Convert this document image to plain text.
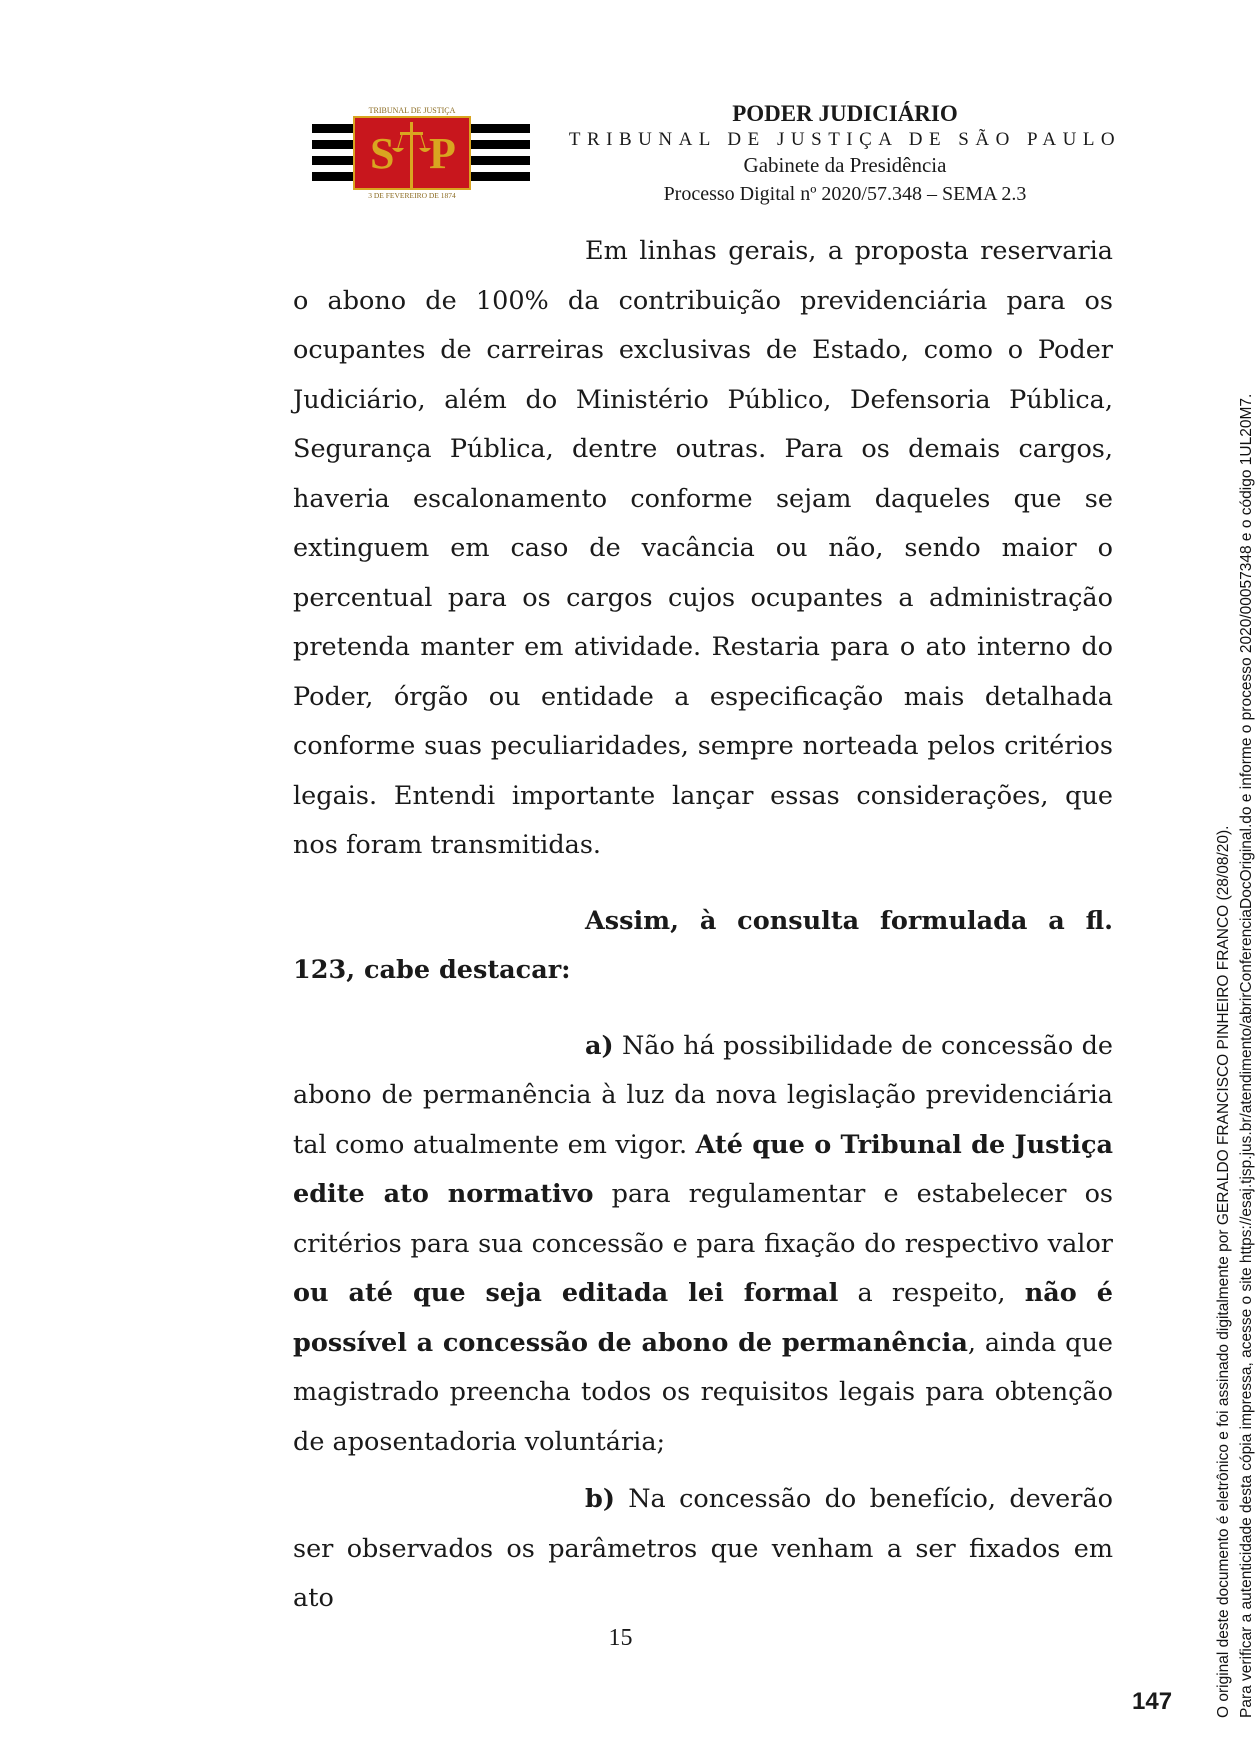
S P
TRIBUNAL DE JUSTIÇA
3 DE FEVEREIRO DE 1874
PODER JUDICIÁRIO
TRIBUNAL DE JUSTIÇA DE SÃO PAULO
Gabinete da Presidência
Processo Digital nº 2020/57.348 – SEMA 2.3

Em linhas gerais, a proposta reservaria o abono de 100% da contribuição previdenciária para os ocupantes de carreiras exclusivas de Estado, como o Poder Judiciário, além do Ministério Público, Defensoria Pública, Segurança Pública, dentre outras. Para os demais cargos, haveria escalonamento conforme sejam daqueles que se extinguem em caso de vacância ou não, sendo maior o percentual para os cargos cujos ocupantes a administração pretenda manter em atividade. Restaria para o ato interno do Poder, órgão ou entidade a especificação mais detalhada conforme suas peculiaridades, sempre norteada pelos critérios legais. Entendi importante lançar essas considerações, que nos foram transmitidas.

Assim, à consulta formulada a fl. 123, cabe destacar:

a) Não há possibilidade de concessão de abono de permanência à luz da nova legislação previdenciária tal como atualmente em vigor. Até que o Tribunal de Justiça edite ato normativo para regulamentar e estabelecer os critérios para sua concessão e para fixação do respectivo valor ou até que seja editada lei formal a respeito, não é possível a concessão de abono de permanência, ainda que magistrado preencha todos os requisitos legais para obtenção de aposentadoria voluntária;

b) Na concessão do benefício, deverão ser observados os parâmetros que venham a ser fixados em ato

15
147	O original deste documento é eletrônico e foi assinado digitalmente por GERALDO FRANCISCO PINHEIRO FRANCO (28/08/20). Para verificar a autenticidade desta cópia impressa, acesse o site https://esaj.tjsp.jus.br/atendimento/abrirConferenciaDocOriginal.do e informe o processo 2020/00057348 e o código 1UL20M7.
